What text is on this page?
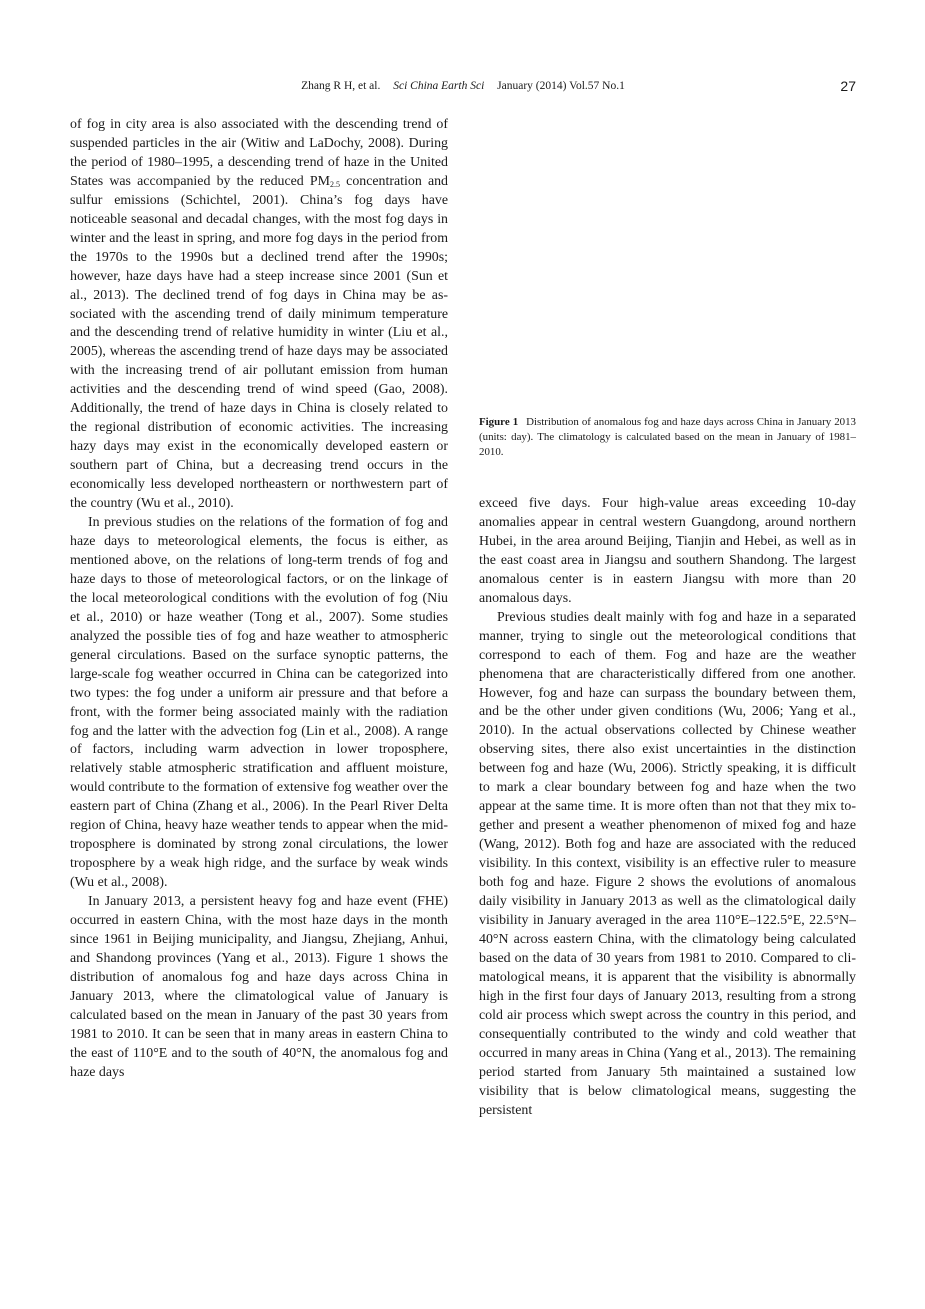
Zhang R H, et al. Sci China Earth Sci January (2014) Vol.57 No.1	27

of fog in city area is also associated with the descending trend of suspended particles in the air (Witiw and LaDochy, 2008). During the period of 1980–1995, a descending trend of haze in the United States was accompanied by the reduced $PM_{2.5}$ concentration and sulfur emissions (Schichtel, 2001). China’s fog days have noticeable seasonal and decadal changes, with the most fog days in winter and the least in spring, and more fog days in the period from the 1970s to the 1990s but a declined trend after the 1990s; however, haze days have had a steep increase since 2001 (Sun et al., 2013). The declined trend of fog days in China may be associated with the ascending trend of daily minimum temperature and the descending trend of relative humidity in winter (Liu et al., 2005), whereas the ascending trend of haze days may be associated with the increasing trend of air pollutant emission from human activities and the descending trend of wind speed (Gao, 2008). Additionally, the trend of haze days in China is closely related to the regional distribution of economic activities. The increasing hazy days may exist in the economically developed eastern or southern part of China, but a decreasing trend occurs in the economically less developed northeastern or northwestern part of the country (Wu et al., 2010).

In previous studies on the relations of the formation of fog and haze days to meteorological elements, the focus is either, as mentioned above, on the relations of long-term trends of fog and haze days to those of meteorological factors, or on the linkage of the local meteorological conditions with the evolution of fog (Niu et al., 2010) or haze weather (Tong et al., 2007). Some studies analyzed the possible ties of fog and haze weather to atmospheric general circulations. Based on the surface synoptic patterns, the large-scale fog weather occurred in China can be categorized into two types: the fog under a uniform air pressure and that before a front, with the former being associated mainly with the radiation fog and the latter with the advection fog (Lin et al., 2008). A range of factors, including warm advection in lower troposphere, relatively stable atmospheric stratification and affluent moisture, would contribute to the formation of extensive fog weather over the eastern part of China (Zhang et al., 2006). In the Pearl River Delta region of China, heavy haze weather tends to appear when the mid-troposphere is dominated by strong zonal circulations, the lower troposphere by a weak high ridge, and the surface by weak winds (Wu et al., 2008).

In January 2013, a persistent heavy fog and haze event (FHE) occurred in eastern China, with the most haze days in the month since 1961 in Beijing municipality, and Jiangsu, Zhejiang, Anhui, and Shandong provinces (Yang et al., 2013). Figure 1 shows the distribution of anomalous fog and haze days across China in January 2013, where the climatological value of January is calculated based on the mean in January of the past 30 years from 1981 to 2010. It can be seen that in many areas in eastern China to the east of 110°E and to the south of 40°N, the anomalous fog and haze days

Figure 1 Distribution of anomalous fog and haze days across China in January 2013 (units: day). The climatology is calculated based on the mean in January of 1981–2010.

exceed five days. Four high-value areas exceeding 10-day anomalies appear in central western Guangdong, around northern Hubei, in the area around Beijing, Tianjin and Hebei, as well as in the east coast area in Jiangsu and southern Shandong. The largest anomalous center is in eastern Jiangsu with more than 20 anomalous days.

Previous studies dealt mainly with fog and haze in a separated manner, trying to single out the meteorological conditions that correspond to each of them. Fog and haze are the weather phenomena that are characteristically differed from one another. However, fog and haze can surpass the boundary between them, and be the other under given conditions (Wu, 2006; Yang et al., 2010). In the actual observations collected by Chinese weather observing sites, there also exist uncertainties in the distinction between fog and haze (Wu, 2006). Strictly speaking, it is difficult to mark a clear boundary between fog and haze when the two appear at the same time. It is more often than not that they mix together and present a weather phenomenon of mixed fog and haze (Wang, 2012). Both fog and haze are associated with the reduced visibility. In this context, visibility is an effective ruler to measure both fog and haze. Figure 2 shows the evolutions of anomalous daily visibility in January 2013 as well as the climatological daily visibility in January averaged in the area 110°E–122.5°E, 22.5°N–40°N across eastern China, with the climatology being calculated based on the data of 30 years from 1981 to 2010. Compared to climatological means, it is apparent that the visibility is abnormally high in the first four days of January 2013, resulting from a strong cold air process which swept across the country in this period, and consequentially contributed to the windy and cold weather that occurred in many areas in China (Yang et al., 2013). The remaining period started from January 5th maintained a sustained low visibility that is below climatological means, suggesting the persistent
